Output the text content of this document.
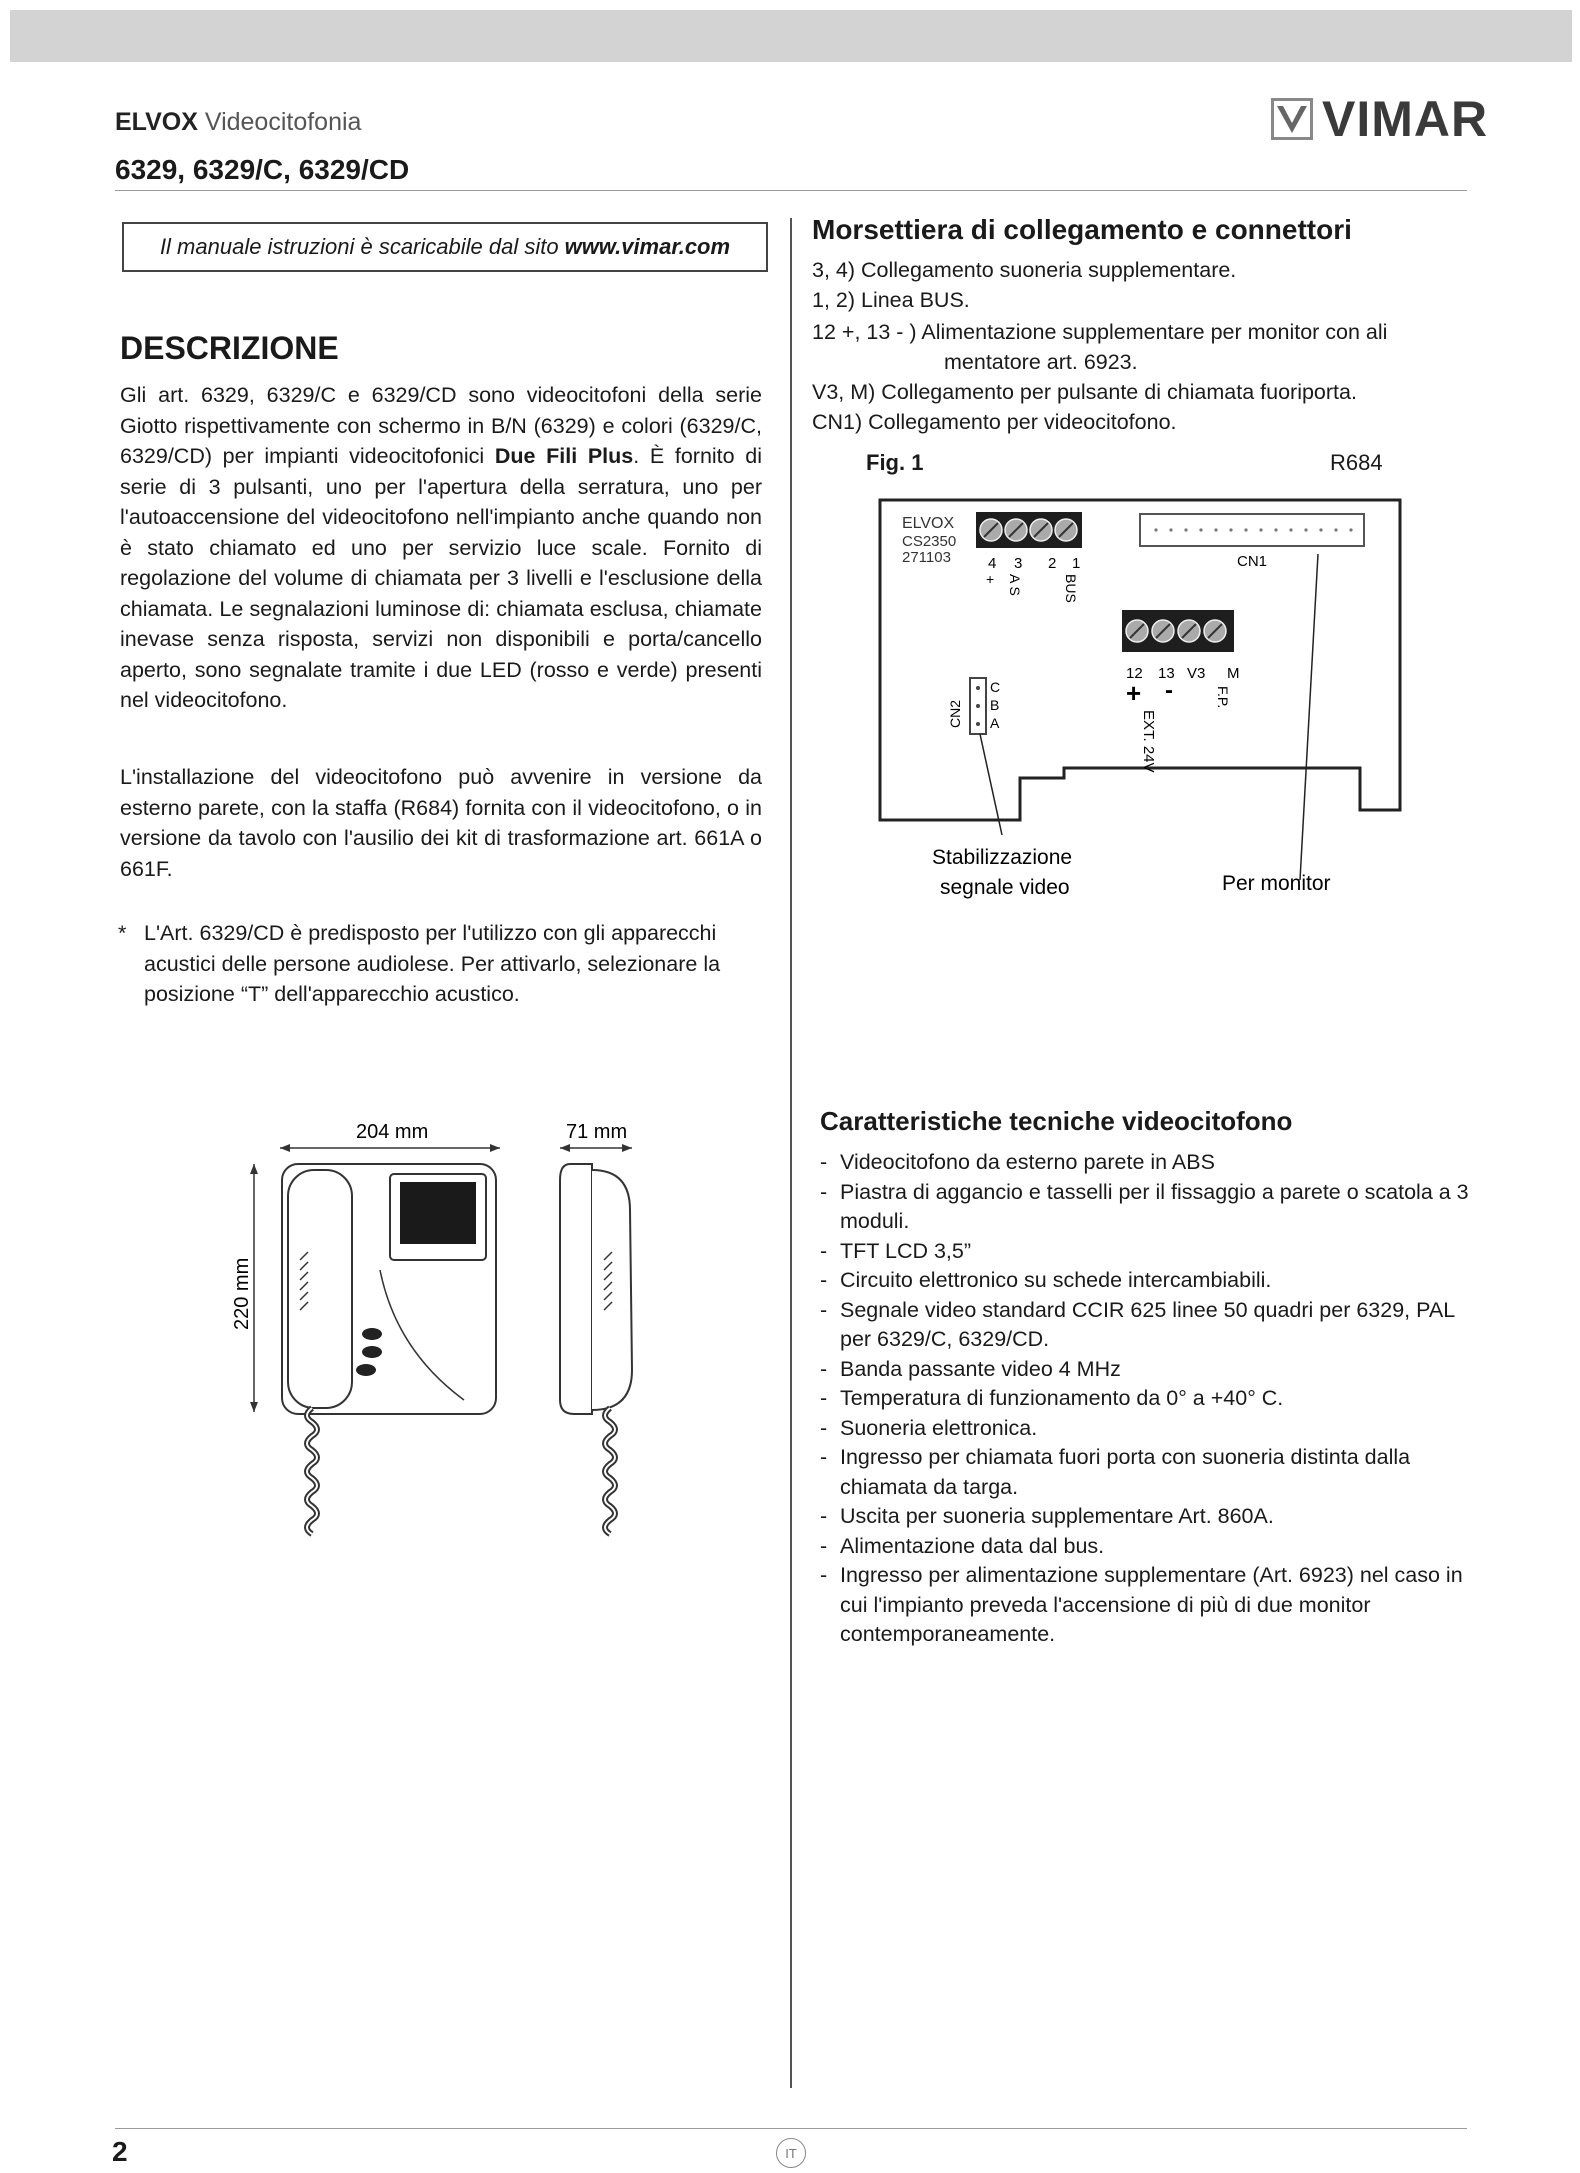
ELVOX Videocitofonia	VIMAR
6329, 6329/C, 6329/CD
Il manuale istruzioni è scaricabile dal sito www.vimar.com
DESCRIZIONE

Gli art. 6329, 6329/C e 6329/CD sono videocitofoni della serie Giotto rispettivamente con schermo in B/N (6329) e colori (6329/C, 6329/CD) per impianti videocitofonici Due Fili Plus. È fornito di serie di 3 pulsanti, uno per l'apertura della serratura, uno per l'autoaccensione del videocitofono nell'impianto anche quando non è stato chiamato ed uno per servizio luce scale. Fornito di regolazione del volume di chiamata per 3 livelli e l'esclusione della chiamata. Le segnalazioni luminose di: chiamata esclusa, chiamate inevase senza risposta, servizi non disponibili e porta/cancello aperto, sono segnalate tramite i due LED (rosso e verde) presenti nel videocitofono.

L'installazione del videocitofono può avvenire in versione da esterno parete, con la staffa (R684) fornita con il videocitofono, o in versione da tavolo con l'ausilio dei kit di trasformazione art. 661A o 661F.

* L'Art. 6329/CD è predisposto per l'utilizzo con gli apparecchi acustici delle persone audiolese. Per attivarlo, selezionare la posizione “T” dell'apparecchio acustico.
Morsettiera di collegamento e connettori
3, 4) Collegamento suoneria supplementare.
1, 2) Linea BUS.
12 +, 13 - ) Alimentazione supplementare per monitor con ali
mentatore art. 6923.
V3, M) Collegamento per pulsante di chiamata fuoriporta.
CN1) Collegamento per videocitofono.
Fig. 1	R684
ELVOX
CS2350
271103 4 3 2 1
+ A S	BUS
CN1
12 13 V3 M
+ -	F.P.
EXT. 24V
CN2
C
B
A
Stabilizzazione
segnale video	Per monitor
204 mm	71 mm
220 mm
Caratteristiche tecniche videocitofono
- Videocitofono da esterno parete in ABS
- Piastra di aggancio e tasselli per il fissaggio a parete o scatola a 3 moduli.
- TFT LCD 3,5”
- Circuito elettronico su schede intercambiabili.
- Segnale video standard CCIR 625 linee 50 quadri per 6329, PAL per 6329/C, 6329/CD.
- Banda passante video 4 MHz
- Temperatura di funzionamento da 0° a +40° C.
- Suoneria elettronica.
- Ingresso per chiamata fuori porta con suoneria distinta dalla chiamata da targa.
- Uscita per suoneria supplementare Art. 860A.
- Alimentazione data dal bus.
- Ingresso per alimentazione supplementare (Art. 6923) nel caso in cui l'impianto preveda l'accensione di più di due monitor contemporaneamente.
2	IT
